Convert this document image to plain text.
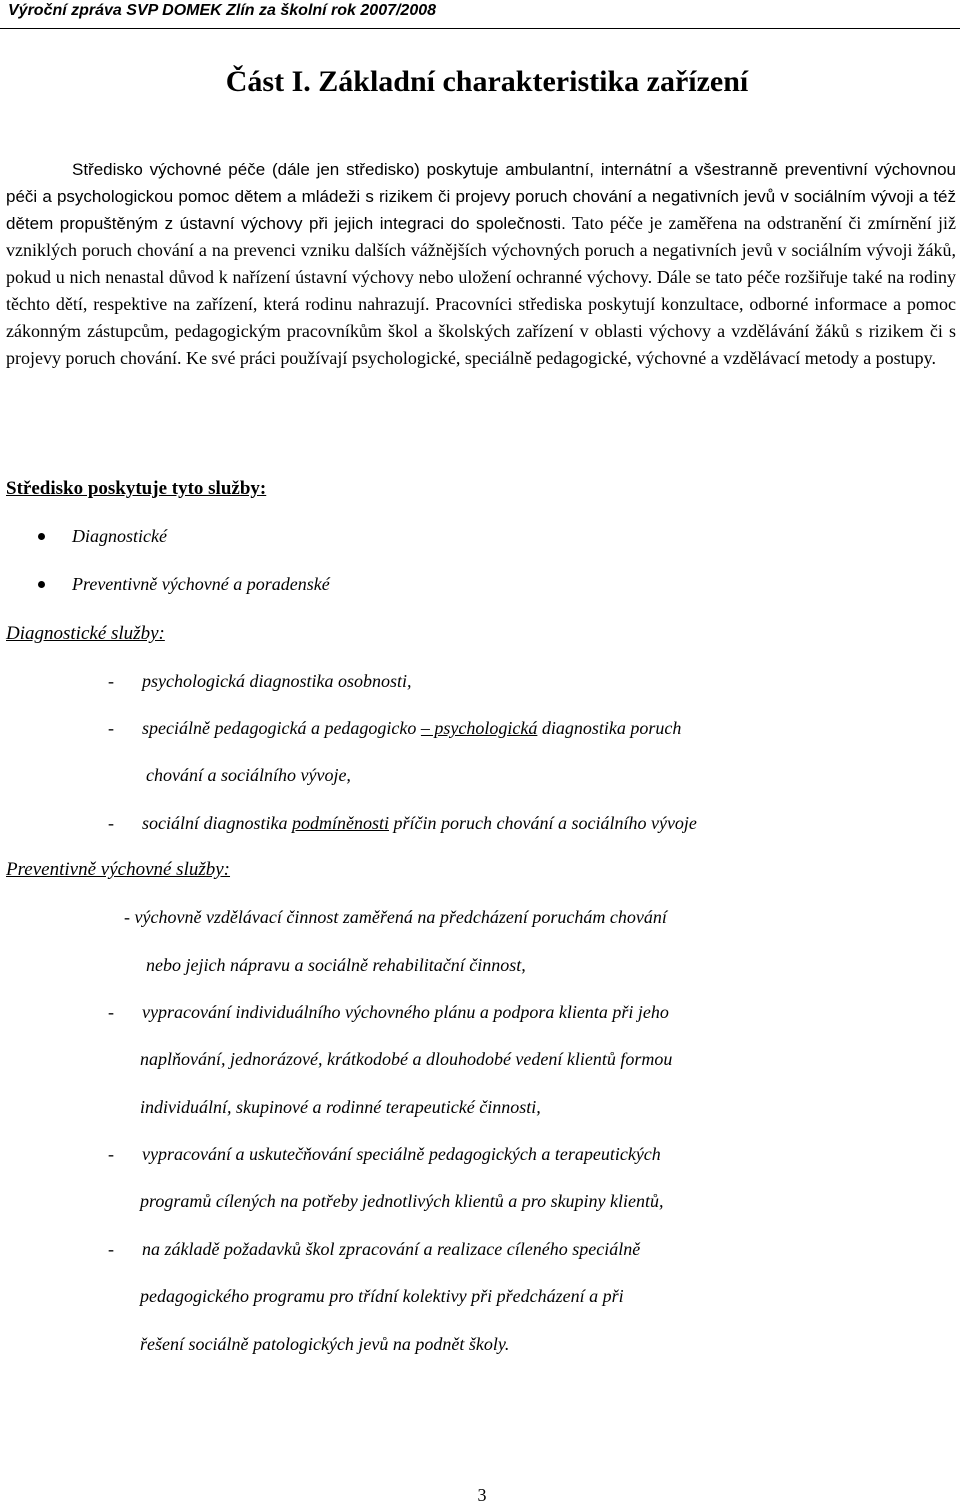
Výroční zpráva SVP DOMEK Zlín za školní rok 2007/2008
Část I. Základní charakteristika zařízení

Středisko výchovné péče (dále jen středisko) poskytuje ambulantní, internátní a všestranně preventivní výchovnou péči a psychologickou pomoc dětem a mládeži s rizikem či projevy poruch chování a negativních jevů v sociálním vývoji a též dětem propuštěným z ústavní výchovy při jejich integraci do společnosti. Tato péče je zaměřena na odstranění či zmírnění již vzniklých poruch chování a na prevenci vzniku dalších vážnějších výchovných poruch a negativních jevů v sociálním vývoji žáků, pokud u nich nenastal důvod k nařízení ústavní výchovy nebo uložení ochranné výchovy. Dále se tato péče rozšiřuje také na rodiny těchto dětí, respektive na zařízení, která rodinu nahrazují. Pracovníci střediska poskytují konzultace, odborné informace a pomoc zákonným zástupcům, pedagogickým pracovníkům škol a školských zařízení v oblasti výchovy a vzdělávání žáků s rizikem či s projevy poruch chování. Ke své práci používají psychologické, speciálně pedagogické, výchovné a vzdělávací metody a postupy.

Středisko poskytuje tyto služby:
Diagnostické
Preventivně výchovné a poradenské
Diagnostické služby:
- psychologická diagnostika osobnosti,
- speciálně pedagogická a pedagogicko – psychologická diagnostika poruch
chování a sociálního vývoje,
- sociální diagnostika podmíněnosti příčin poruch chování a sociálního vývoje
Preventivně výchovné služby:
- výchovně vzdělávací činnost zaměřená na předcházení poruchám chování
nebo jejich nápravu a sociálně rehabilitační činnost,
- vypracování individuálního výchovného plánu a podpora klienta při jeho
naplňování, jednorázové, krátkodobé a dlouhodobé vedení klientů formou
individuální, skupinové a rodinné terapeutické činnosti,
- vypracování a uskutečňování speciálně pedagogických a terapeutických
programů cílených na potřeby jednotlivých klientů a pro skupiny klientů,
- na základě požadavků škol zpracování a realizace cíleného speciálně
pedagogického programu pro třídní kolektivy při předcházení a při
řešení sociálně patologických jevů na podnět školy.
3
